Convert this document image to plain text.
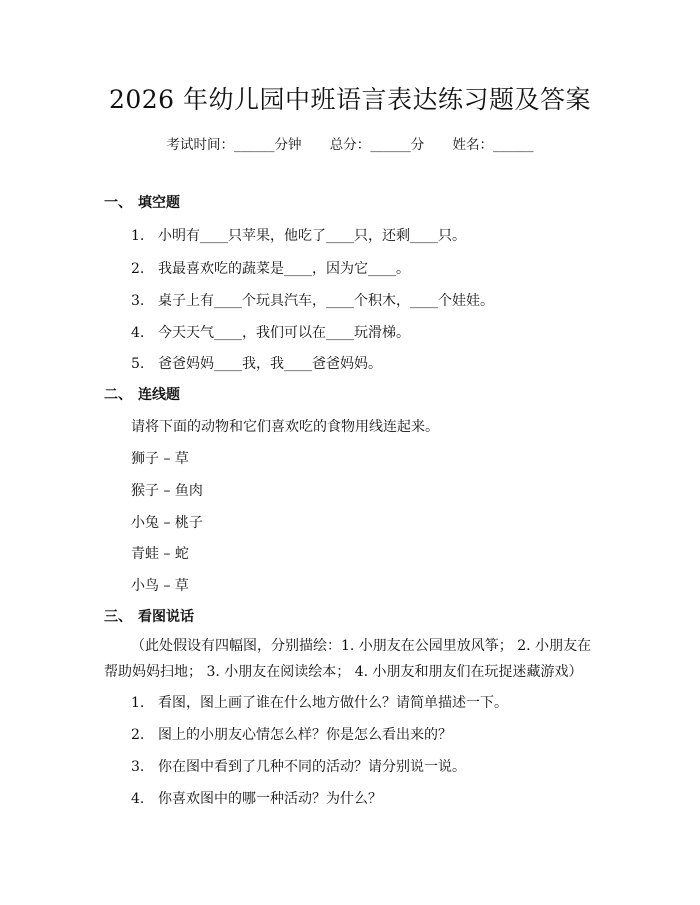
2026 年幼儿园中班语言表达练习题及答案
考试时间：______分钟 总分：______分 姓名：______
一、 填空题
1. 小明有____只苹果，他吃了____只，还剩____只。
2. 我最喜欢吃的蔬菜是____，因为它____。
3. 桌子上有____个玩具汽车，____个积木，____个娃娃。
4. 今天天气____，我们可以在____玩滑梯。
5. 爸爸妈妈____我，我____爸爸妈妈。
二、 连线题
请将下面的动物和它们喜欢吃的食物用线连起来。
狮子 – 草
猴子 – 鱼肉
小兔 – 桃子
青蛙 – 蛇
小鸟 – 草
三、 看图说话
（此处假设有四幅图，分别描绘：1. 小朋友在公园里放风筝； 2. 小朋友在帮助妈妈扫地； 3. 小朋友在阅读绘本； 4. 小朋友和朋友们在玩捉迷藏游戏）
1. 看图，图上画了谁在什么地方做什么？请简单描述一下。
2. 图上的小朋友心情怎么样？你是怎么看出来的？
3. 你在图中看到了几种不同的活动？请分别说一说。
4. 你喜欢图中的哪一种活动？为什么？
